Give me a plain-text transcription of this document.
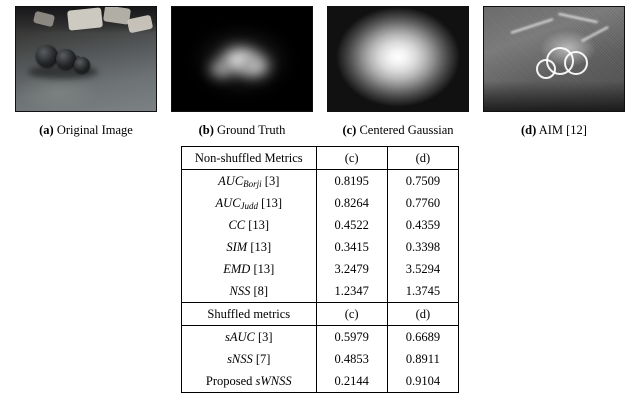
(a) Original Image	(b) Ground Truth	(c) Centered Gaussian	(d) AIM [12]
Non-shuffled Metrics	(c)	(d)
$AUC_{Borji}$ [3]	0.8195	0.7509
$AUC_{Judd}$ [13]	0.8264	0.7760
CC [13]	0.4522	0.4359
SIM [13]	0.3415	0.3398
EMD [13]	3.2479	3.5294
NSS [8]	1.2347	1.3745
Shuffled metrics	(c)	(d)
sAUC [3]	0.5979	0.6689
sNSS [7]	0.4853	0.8911
Proposed sWNSS	0.2144	0.9104
